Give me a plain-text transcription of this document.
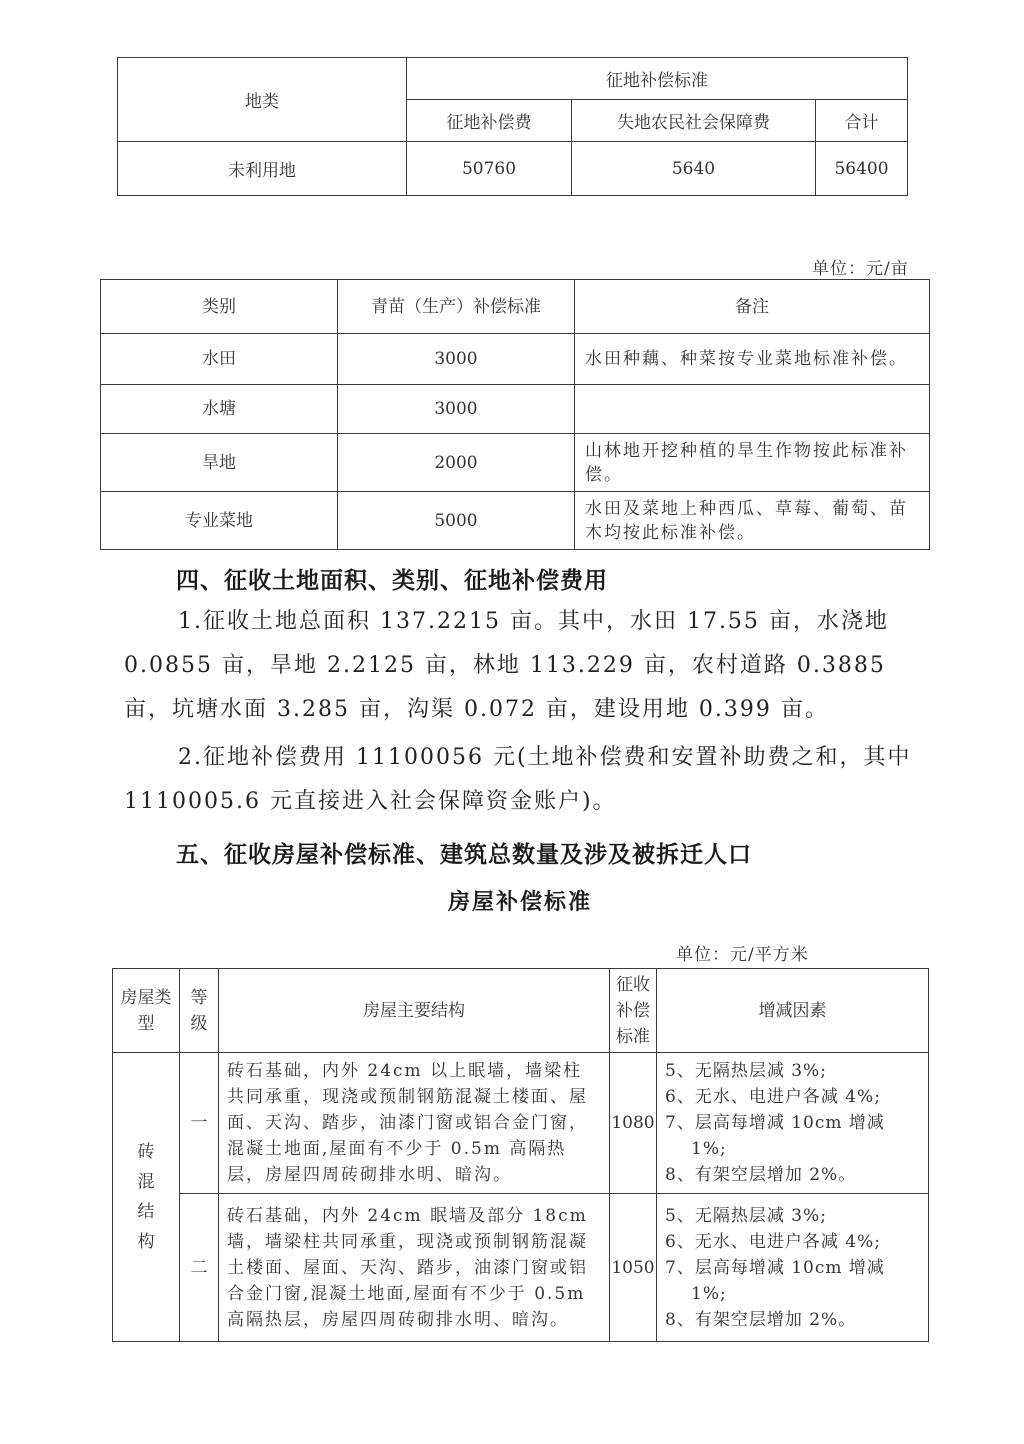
地类	征地补偿标准		
	征地补偿费	失地农民社会保障费	合计
未利用地	50760	5640	56400
单位：元/亩
类别	青苗（生产）补偿标准	备注
水田	3000	水田种藕、种菜按专业菜地标准补偿。
水塘	3000	
旱地	2000	山林地开挖种植的旱生作物按此标准补偿。
专业菜地	5000	水田及菜地上种西瓜、草莓、葡萄、苗木均按此标准补偿。
四、征收土地面积、类别、征地补偿费用
1.征收土地总面积 137.2215 亩。其中，水田 17.55 亩，水浇地 0.0855 亩，旱地 2.2125 亩，林地 113.229 亩，农村道路 0.3885 亩，坑塘水面 3.285 亩，沟渠 0.072 亩，建设用地 0.399 亩。
2.征地补偿费用 11100056 元(土地补偿费和安置补助费之和，其中 1110005.6 元直接进入社会保障资金账户)。
五、征收房屋补偿标准、建筑总数量及涉及被拆迁人口
房屋补偿标准
单位：元/平方米
房屋类型	等级	房屋主要结构	征收补偿标准	增减因素
砖混结构	一	砖石基础，内外 24cm 以上眠墙，墙梁柱共同承重，现浇或预制钢筋混凝土楼面、屋面、天沟、踏步，油漆门窗或铝合金门窗，混凝土地面,屋面有不少于 0.5m 高隔热层，房屋四周砖砌排水明、暗沟。	1080	5、无隔热层减 3%;
6、无水、电进户各减 4%;
7、层高每增减 10cm 增减
1%;
8、有架空层增加 2%。

	二	砖石基础，内外 24cm 眠墙及部分 18cm 墙，墙梁柱共同承重，现浇或预制钢筋混凝土楼面、屋面、天沟、踏步，油漆门窗或铝合金门窗,混凝土地面,屋面有不少于 0.5m 高隔热层，房屋四周砖砌排水明、暗沟。	1050	5、无隔热层减 3%;
6、无水、电进户各减 4%;
7、层高每增减 10cm 增减
1%;
8、有架空层增加 2%。
